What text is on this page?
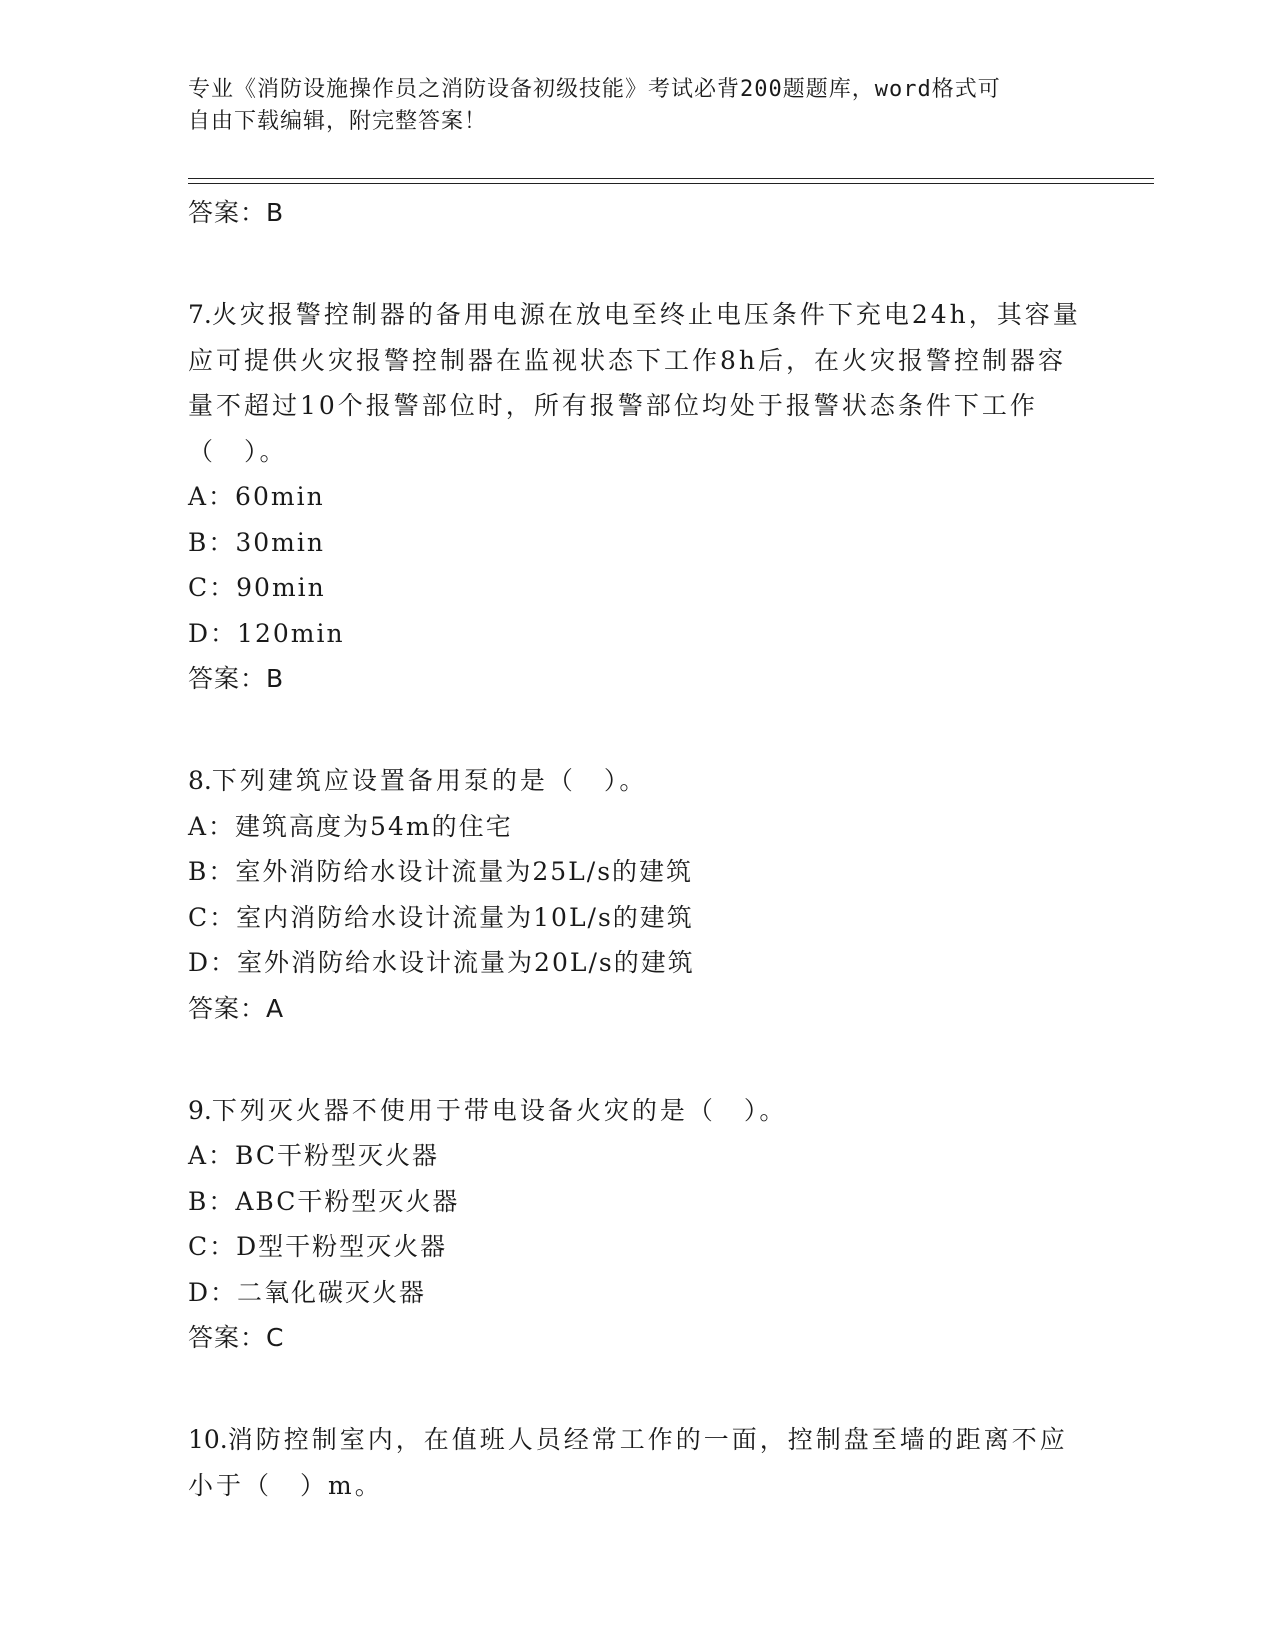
专业《消防设施操作员之消防设备初级技能》考试必背200题题库，word格式可
自由下载编辑，附完整答案！
答案：B

7.火灾报警控制器的备用电源在放电至终止电压条件下充电24h，其容量应可提供火灾报警控制器在监视状态下工作8h后，在火灾报警控制器容量不超过10个报警部位时，所有报警部位均处于报警状态条件下工作（　）。

A：60min
B：30min
C：90min
D：120min
答案：B

8.下列建筑应设置备用泵的是（　）。

A：建筑高度为54m的住宅
B：室外消防给水设计流量为25L/s的建筑
C：室内消防给水设计流量为10L/s的建筑
D：室外消防给水设计流量为20L/s的建筑
答案：A

9.下列灭火器不使用于带电设备火灾的是（　）。

A：BC干粉型灭火器
B：ABC干粉型灭火器
C：D型干粉型灭火器
D：二氧化碳灭火器
答案：C

10.消防控制室内，在值班人员经常工作的一面，控制盘至墙的距离不应小于（　）m。
